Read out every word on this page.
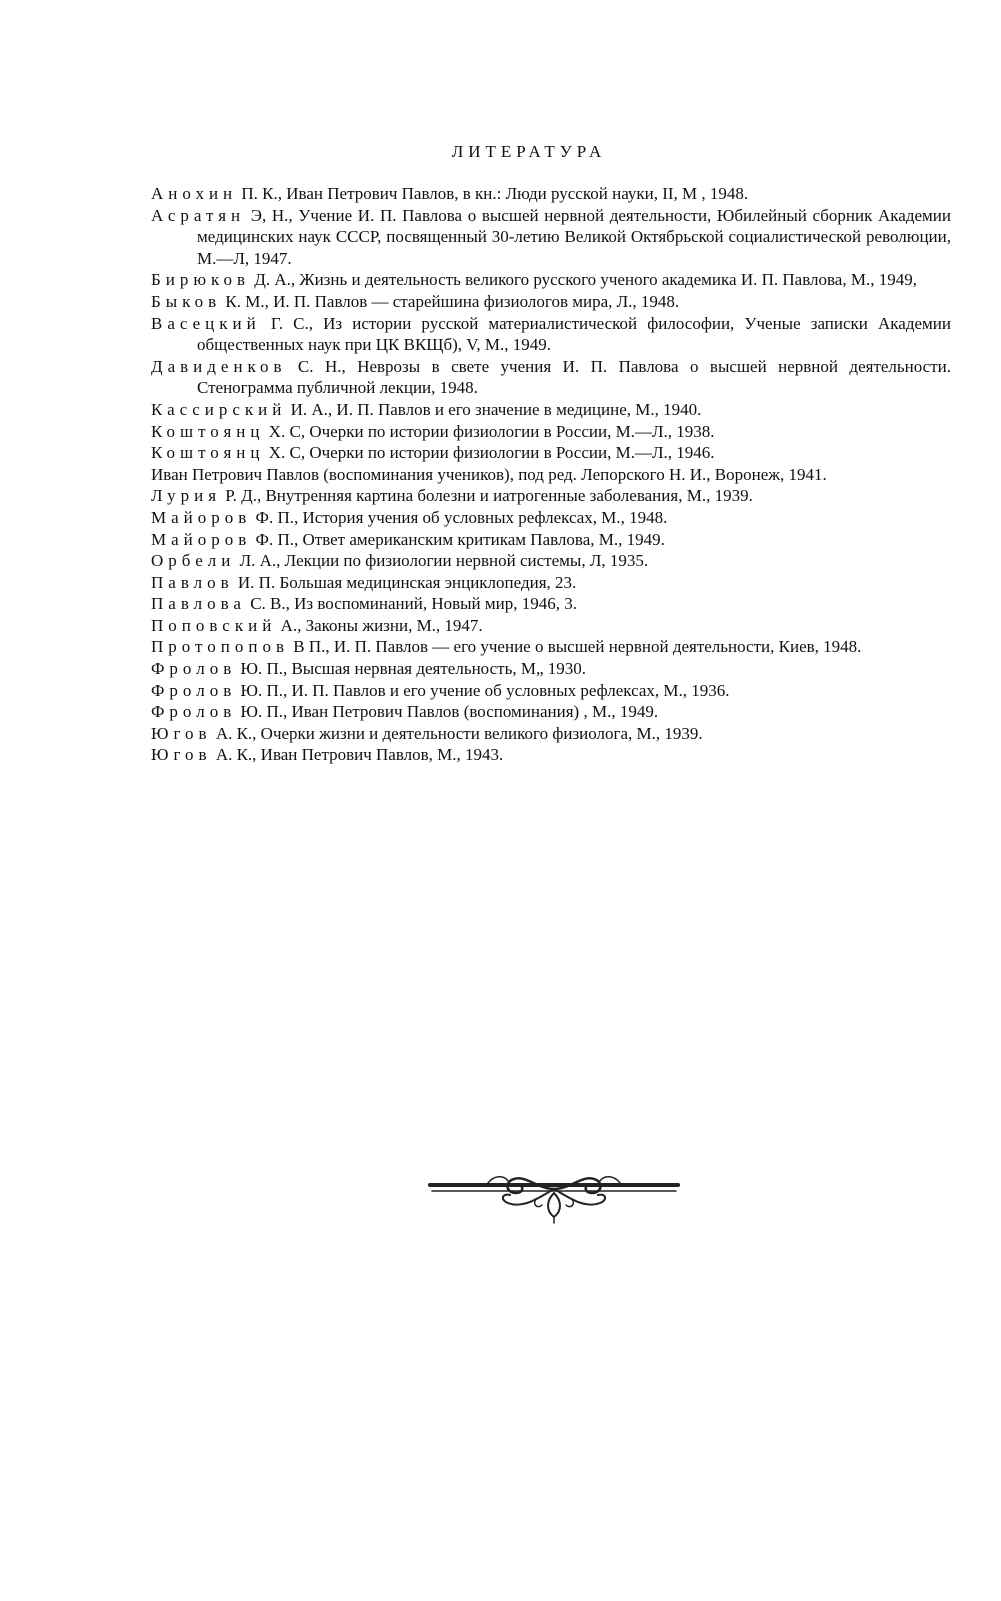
ЛИТЕРАТУРА
Анохин П. К., Иван Петрович Павлов, в кн.: Люди русской науки, II, М , 1948.
Асратян Э, Н., Учение И. П. Павлова о высшей нервной деятельности, Юбилейный сборник Академии медицинских наук СССР, посвященный 30-летию Великой Октябрьской социалистической революции, М.—Л, 1947.
Бирюков Д. А., Жизнь и деятельность великого русского ученого академика И. П. Павлова, М., 1949,
Быков К. М., И. П. Павлов — старейшина физиологов мира, Л., 1948.
Васецкий Г. С., Из истории русской материалистической философии, Ученые записки Академии общественных наук при ЦК ВКЩб), V, М., 1949.
Давиденков С. Н., Неврозы в свете учения И. П. Павлова о высшей нервной деятельности. Стенограмма публичной лекции, 1948.
Кассирский И. А., И. П. Павлов и его значение в медицине, М., 1940.
Коштоянц X. С, Очерки по истории физиологии в России, М.—Л., 1938.
Коштоянц X. С, Очерки по истории физиологии в России, М.—Л., 1946.
Иван Петрович Павлов (воспоминания учеников), под ред. Лепорского Н. И., Воронеж, 1941.
Лурия Р. Д., Внутренняя картина болезни и иатрогенные заболевания, М., 1939.
Майоров Ф. П., История учения об условных рефлексах, М., 1948.
Майоров Ф. П., Ответ американским критикам Павлова, М., 1949.
Орбели Л. А., Лекции по физиологии нервной системы, Л, 1935.
Павлов И. П. Большая медицинская энциклопедия, 23.
Павлова С. В., Из воспоминаний, Новый мир, 1946, 3.
Поповский А., Законы жизни, М., 1947.
Протопопов В П., И. П. Павлов — его учение о высшей нервной деятельности, Киев, 1948.
Фролов Ю. П., Высшая нервная деятельность, М„ 1930.
Фролов Ю. П., И. П. Павлов и его учение об условных рефлексах, М., 1936.
Фролов Ю. П., Иван Петрович Павлов (воспоминания) , М., 1949.
Югов А. К., Очерки жизни и деятельности великого физиолога, М., 1939.
Югов А. К., Иван Петрович Павлов, М., 1943.
